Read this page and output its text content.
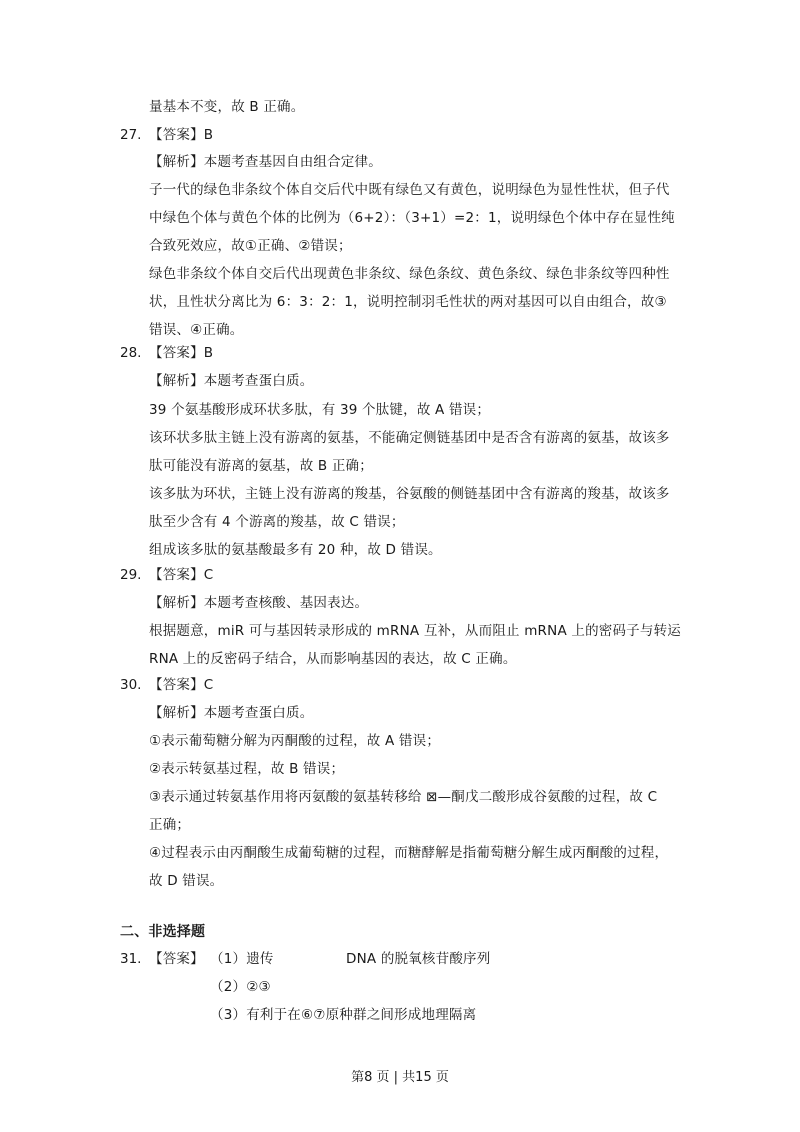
量基本不变，故 B 正确。
27. 【答案】B
【解析】本题考查基因自由组合定律。
子一代的绿色非条纹个体自交后代中既有绿色又有黄色，说明绿色为显性性状，但子代
中绿色个体与黄色个体的比例为（6+2）：（3+1）=2：1，说明绿色个体中存在显性纯
合致死效应，故①正确、②错误；
绿色非条纹个体自交后代出现黄色非条纹、绿色条纹、黄色条纹、绿色非条纹等四种性
状，且性状分离比为 6：3：2：1，说明控制羽毛性状的两对基因可以自由组合，故③
错误、④正确。
28. 【答案】B
【解析】本题考查蛋白质。
39 个氨基酸形成环状多肽，有 39 个肽键，故 A 错误；
该环状多肽主链上没有游离的氨基，不能确定侧链基团中是否含有游离的氨基，故该多
肽可能没有游离的氨基，故 B 正确；
该多肽为环状，主链上没有游离的羧基，谷氨酸的侧链基团中含有游离的羧基，故该多
肽至少含有 4 个游离的羧基，故 C 错误；
组成该多肽的氨基酸最多有 20 种，故 D 错误。
29. 【答案】C
【解析】本题考查核酸、基因表达。
根据题意，miR 可与基因转录形成的 mRNA 互补，从而阻止 mRNA 上的密码子与转运
RNA 上的反密码子结合，从而影响基因的表达，故 C 正确。
30. 【答案】C
【解析】本题考查蛋白质。
①表示葡萄糖分解为丙酮酸的过程，故 A 错误；
②表示转氨基过程，故 B 错误；
③表示通过转氨基作用将丙氨酸的氨基转移给 ⊠—酮戊二酸形成谷氨酸的过程，故 C
正确；
④过程表示由丙酮酸生成葡萄糖的过程，而糖酵解是指葡萄糖分解生成丙酮酸的过程，
故 D 错误。
二、非选择题
31. 【答案】 （1）遗传	DNA 的脱氧核苷酸序列
（2）②③
（3）有利于在⑥⑦原种群之间形成地理隔离
第8 页 | 共15 页
